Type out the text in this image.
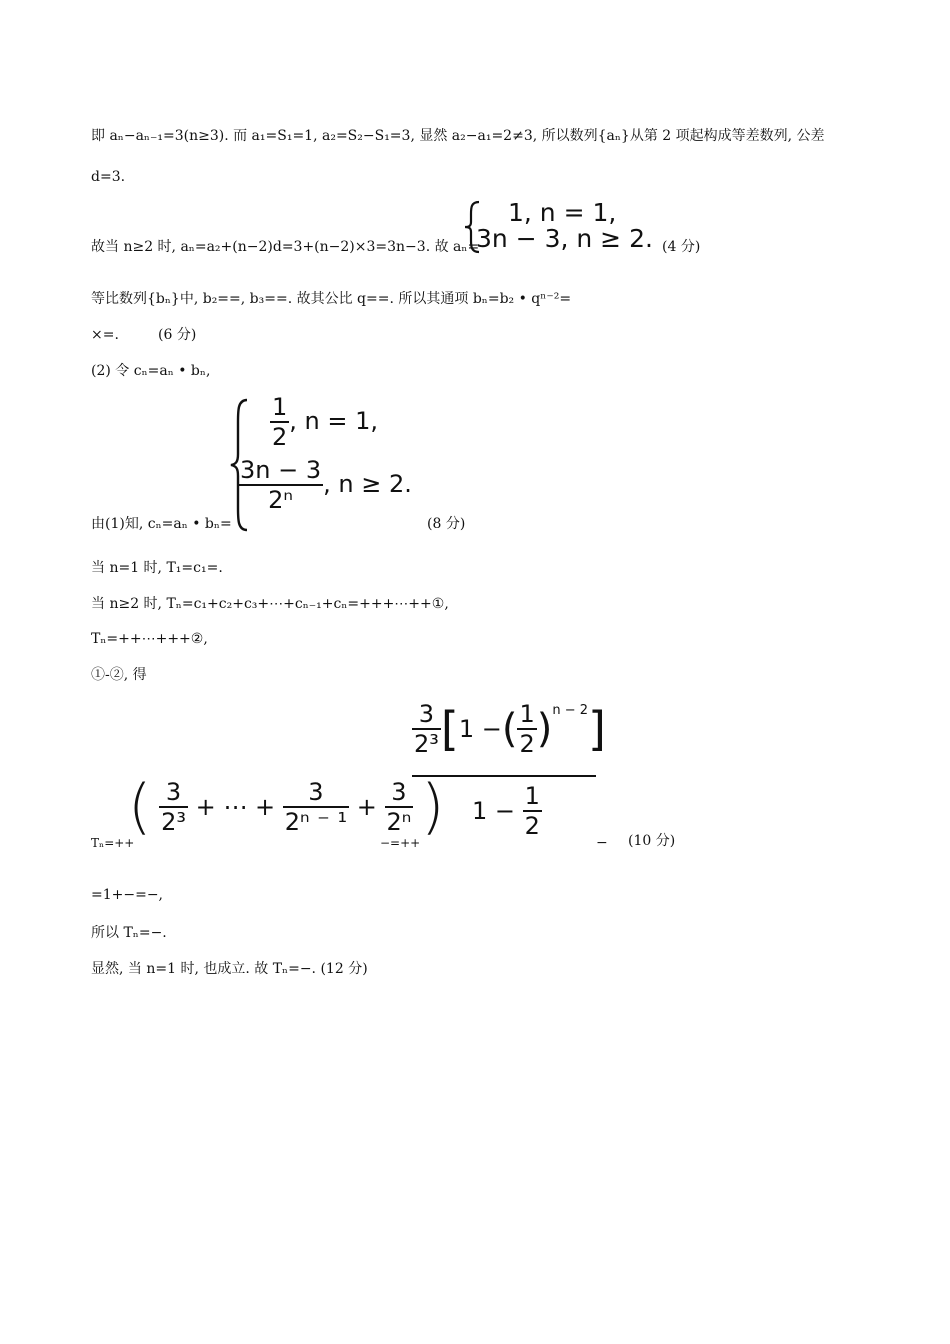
即 aₙ−aₙ₋₁=3(n≥3). 而 a₁=S₁=1, a₂=S₂−S₁=3, 显然 a₂−a₁=2≠3, 所以数列{aₙ}从第 2 项起构成等差数列, 公差
d=3.
故当 n≥2 时, aₙ=a₂+(n−2)d=3+(n−2)×3=3n−3. 故 aₙ=
1, n = 1,
3n − 3, n ≥ 2. (4 分)
等比数列{bₙ}中, b₂==, b₃==. 故其公比 q==. 所以其通项 bₙ=b₂ • qⁿ⁻²=
×=.	(6 分)
(2) 令 cₙ=aₙ • bₙ,
由(1)知, cₙ=aₙ • bₙ=
$\frac{1}{2}$ , n = 1,
$\frac{3n - 3}{\text{2ⁿ}}$ , n ≥ 2.
(8 分)
当 n=1 时, T₁=c₁=.
当 n≥2 时, Tₙ=c₁+c₂+c₃+⋯+cₙ₋₁+cₙ=+++⋯++①,
Tₙ=++⋯+++②,
①-②, 得
Tₙ=++
( $\frac{3}{\text{2³}}$ + ⋯ + $\frac{3}{\text{2ⁿ ⁻ ¹}} + \frac{3}{\text{2ⁿ}}$ )
−=++
$\frac{3}{\text{2³}} [1$ −( $\frac{1}{2} )^{n - 2}$]
$1 - \frac{1}{2}$
− (10 分)
=1+−=−,
所以 Tₙ=−.
显然, 当 n=1 时, 也成立. 故 Tₙ=−. (12 分)
